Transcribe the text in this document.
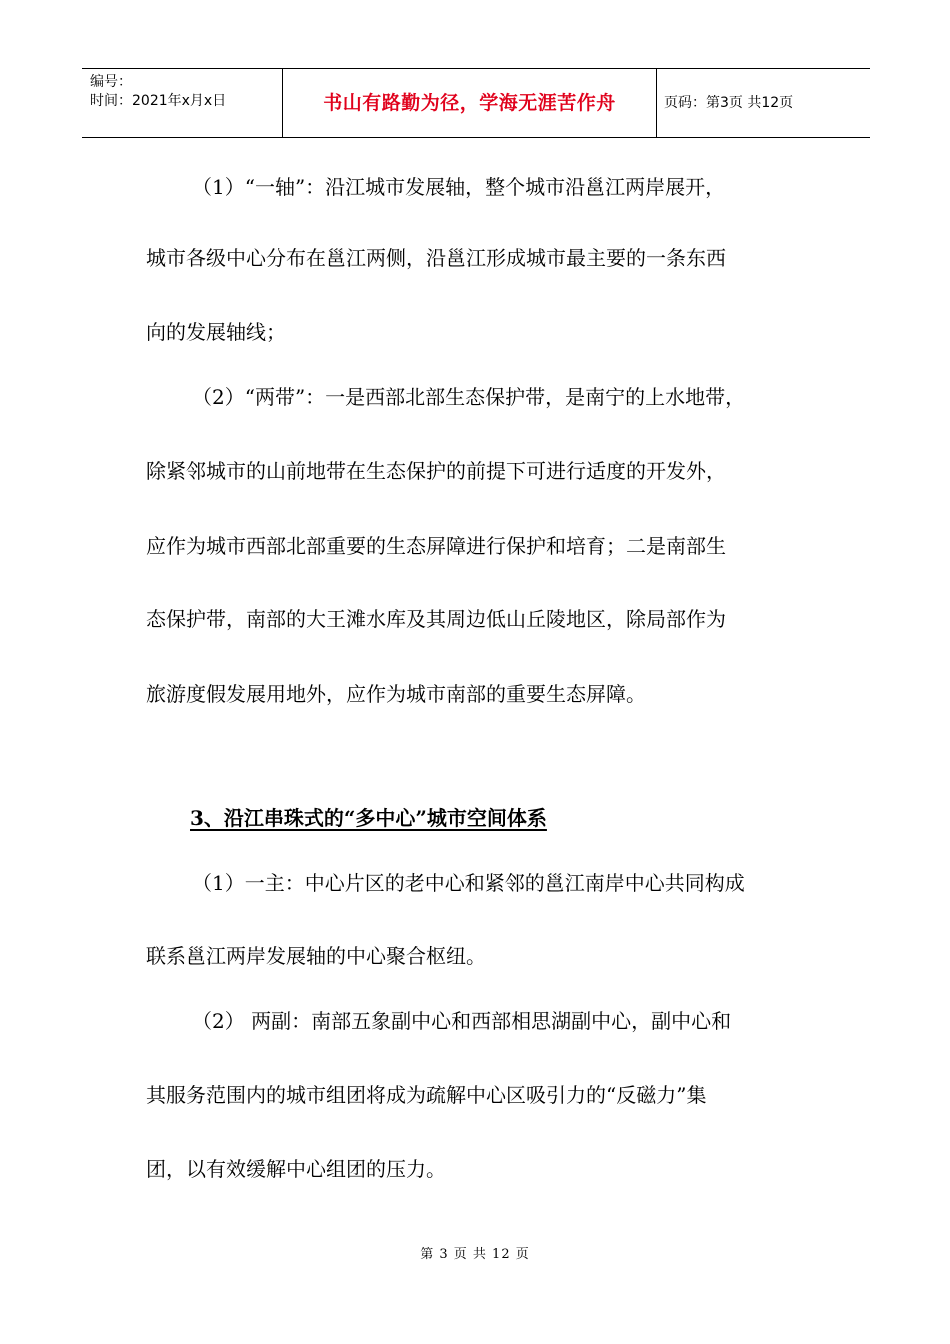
编号：
时间：2021年x月x日	书山有路勤为径，学海无涯苦作舟	页码：第3页 共12页
（1）“一轴”：沿江城市发展轴，整个城市沿邕江两岸展开，
城市各级中心分布在邕江两侧，沿邕江形成城市最主要的一条东西
向的发展轴线；
（2）“两带”：一是西部北部生态保护带，是南宁的上水地带，
除紧邻城市的山前地带在生态保护的前提下可进行适度的开发外，
应作为城市西部北部重要的生态屏障进行保护和培育；二是南部生
态保护带，南部的大王滩水库及其周边低山丘陵地区，除局部作为
旅游度假发展用地外，应作为城市南部的重要生态屏障。
3、沿江串珠式的“多中心”城市空间体系
（1）一主：中心片区的老中心和紧邻的邕江南岸中心共同构成
联系邕江两岸发展轴的中心聚合枢纽。
（2） 两副：南部五象副中心和西部相思湖副中心，副中心和
其服务范围内的城市组团将成为疏解中心区吸引力的“反磁力”集
团，以有效缓解中心组团的压力。
第 3 页 共 12 页
